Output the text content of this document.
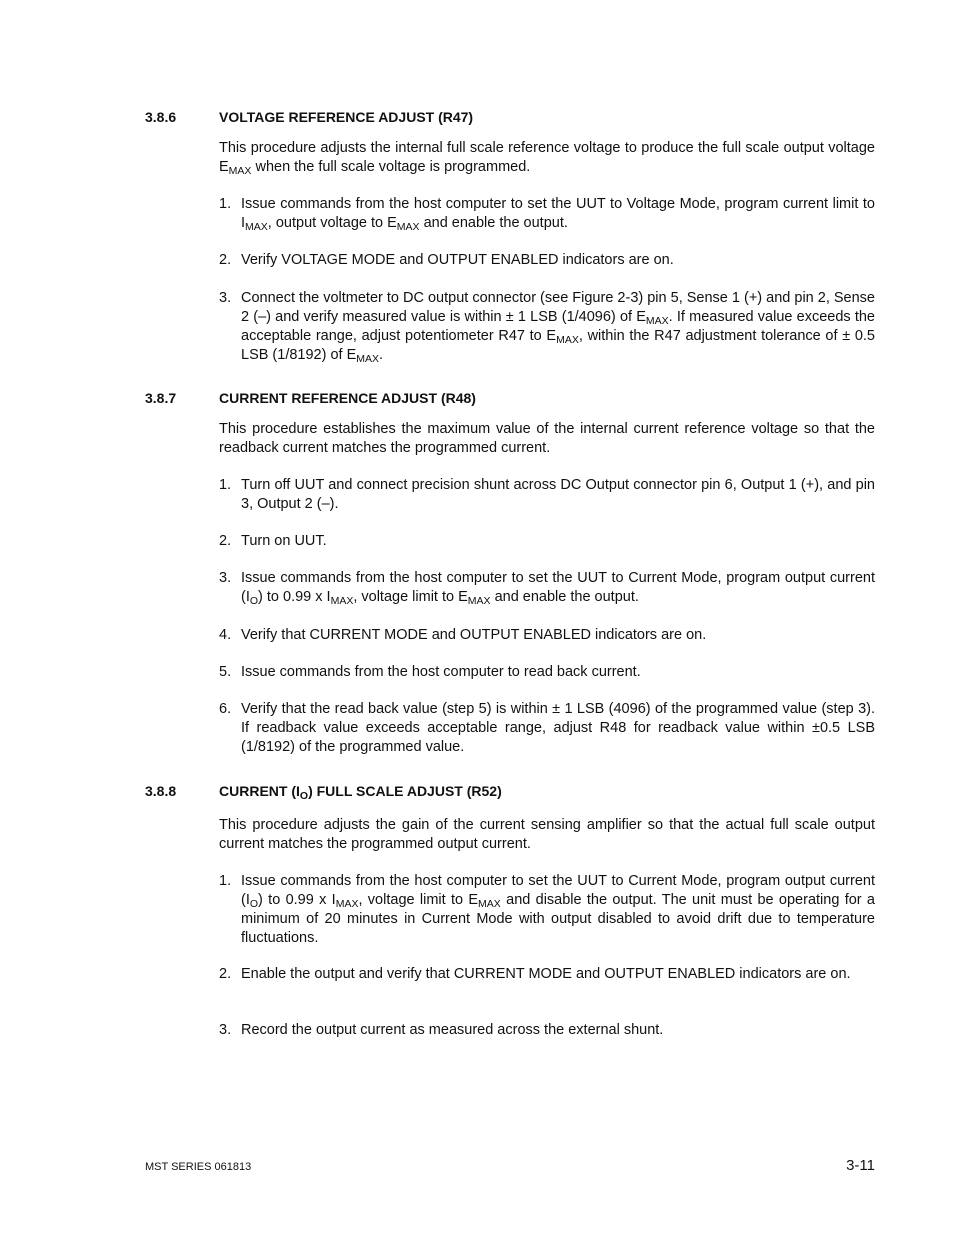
3.8.6	VOLTAGE REFERENCE ADJUST (R47)
This procedure adjusts the internal full scale reference voltage to produce the full scale output voltage $E_{MAX}$ when the full scale voltage is programmed.
1. Issue commands from the host computer to set the UUT to Voltage Mode, program current limit to $I_{MAX}$, output voltage to $E_{MAX}$ and enable the output.
2. Verify VOLTAGE MODE and OUTPUT ENABLED indicators are on.
3. Connect the voltmeter to DC output connector (see Figure 2-3) pin 5, Sense 1 (+) and pin 2, Sense 2 (–) and verify measured value is within ± 1 LSB (1/4096) of $E_{MAX}$. If measured value exceeds the acceptable range, adjust potentiometer R47 to $E_{MAX}$, within the R47 adjustment tolerance of ± 0.5 LSB (1/8192) of $E_{MAX}$.
3.8.7	CURRENT REFERENCE ADJUST (R48)
This procedure establishes the maximum value of the internal current reference voltage so that the readback current matches the programmed current.
1. Turn off UUT and connect precision shunt across DC Output connector pin 6, Output 1 (+), and pin 3, Output 2 (–).
2. Turn on UUT.
3. Issue commands from the host computer to set the UUT to Current Mode, program output current $(I_O)$ to 0.99 x $I_{MAX}$, voltage limit to $E_{MAX}$ and enable the output.
4. Verify that CURRENT MODE and OUTPUT ENABLED indicators are on.
5. Issue commands from the host computer to read back current.
6. Verify that the read back value (step 5) is within ± 1 LSB (4096) of the programmed value (step 3). If readback value exceeds acceptable range, adjust R48 for readback value within ±0.5 LSB (1/8192) of the programmed value.
3.8.8	CURRENT $(I_O)$ FULL SCALE ADJUST (R52)
This procedure adjusts the gain of the current sensing amplifier so that the actual full scale output current matches the programmed output current.
1. Issue commands from the host computer to set the UUT to Current Mode, program output current $(I_O)$ to 0.99 x $I_{MAX}$, voltage limit to $E_{MAX}$ and disable the output. The unit must be operating for a minimum of 20 minutes in Current Mode with output disabled to avoid drift due to temperature fluctuations.
2. Enable the output and verify that CURRENT MODE and OUTPUT ENABLED indicators are on.
3. Record the output current as measured across the external shunt.
MST SERIES 061813	3-11
